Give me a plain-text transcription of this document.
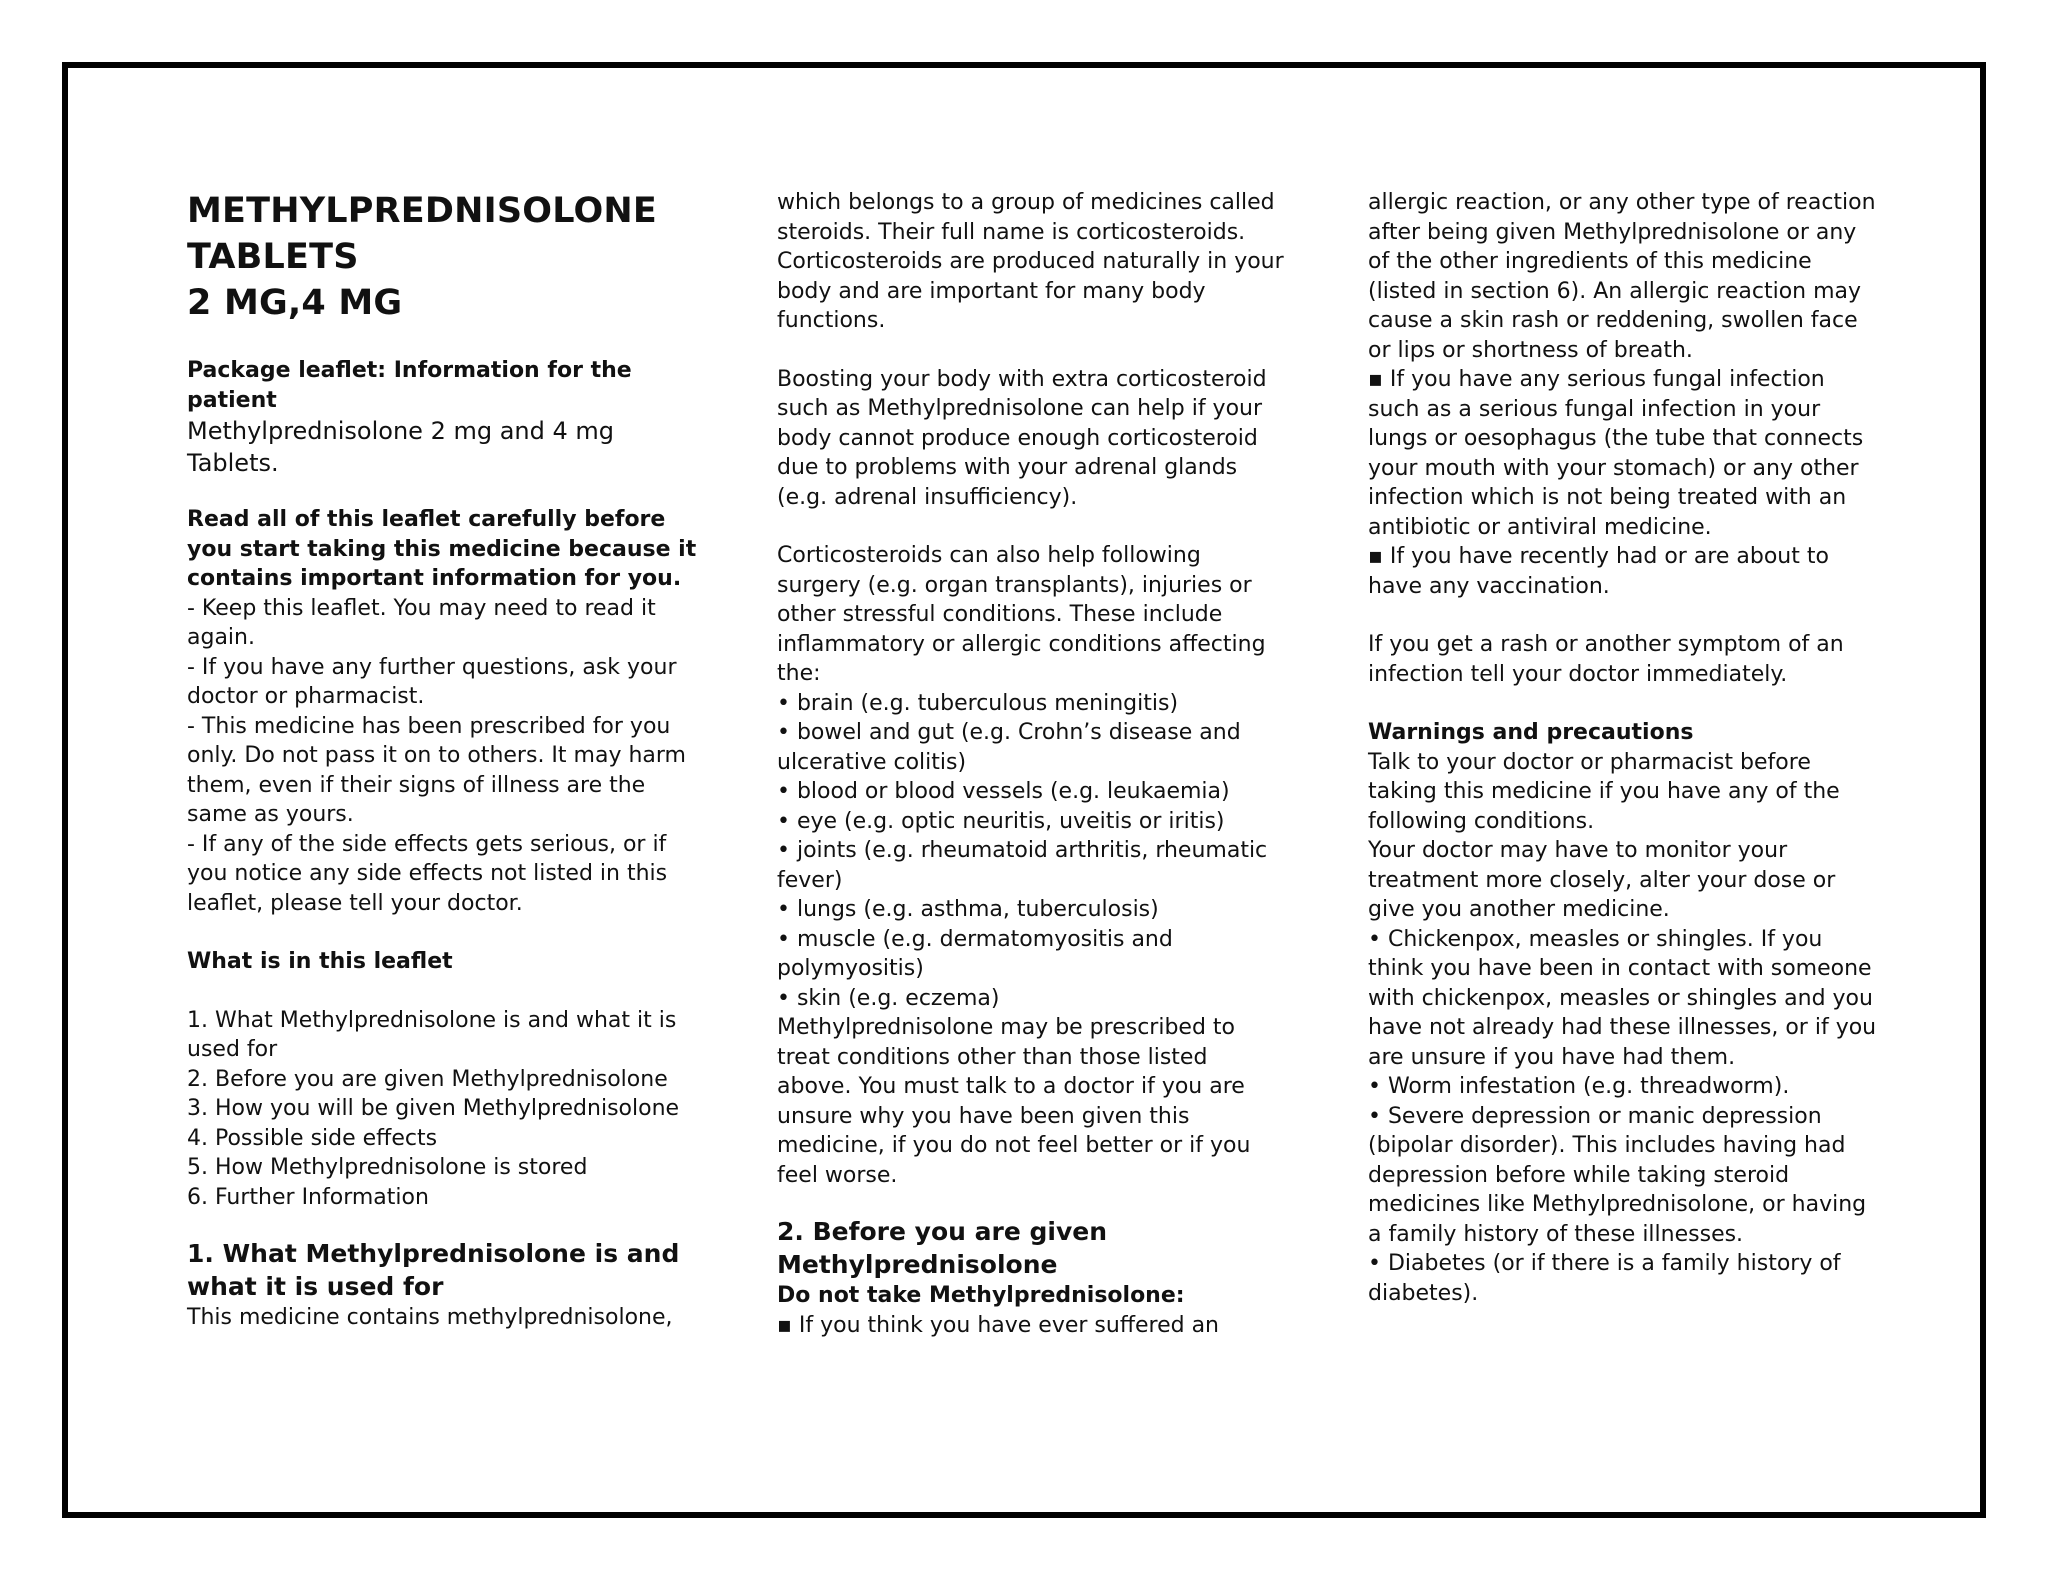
METHYLPREDNISOLONE
TABLETS
2 MG,4 MG

Package leaflet: Information for the patient

Methylprednisolone 2 mg and 4 mg Tablets.

Read all of this leaflet carefully before you start taking this medicine because it contains important information for you.

- Keep this leaflet. You may need to read it again.

- If you have any further questions, ask your doctor or pharmacist.

- This medicine has been prescribed for you only. Do not pass it on to others. It may harm them, even if their signs of illness are the same as yours.

- If any of the side effects gets serious, or if you notice any side effects not listed in this leaflet, please tell your doctor.

What is in this leaflet

1. What Methylprednisolone is and what it is used for
2. Before you are given Methylprednisolone
3. How you will be given Methylprednisolone
4. Possible side effects
5. How Methylprednisolone is stored
6. Further Information

1. What Methylprednisolone is and what it is used for

This medicine contains methylprednisolone,

which belongs to a group of medicines called steroids. Their full name is corticosteroids. Corticosteroids are produced naturally in your body and are important for many body functions.

Boosting your body with extra corticosteroid such as Methylprednisolone can help if your body cannot produce enough corticosteroid due to problems with your adrenal glands (e.g. adrenal insufficiency).

Corticosteroids can also help following surgery (e.g. organ transplants), injuries or other stressful conditions. These include inflammatory or allergic conditions affecting the:

• brain (e.g. tuberculous meningitis)
• bowel and gut (e.g. Crohn’s disease and ulcerative colitis)
• blood or blood vessels (e.g. leukaemia)
• eye (e.g. optic neuritis, uveitis or iritis)
• joints (e.g. rheumatoid arthritis, rheumatic fever)
• lungs (e.g. asthma, tuberculosis)
• muscle (e.g. dermatomyositis and polymyositis)
• skin (e.g. eczema)

Methylprednisolone may be prescribed to treat conditions other than those listed above. You must talk to a doctor if you are unsure why you have been given this medicine, if you do not feel better or if you feel worse.

2. Before you are given Methylprednisolone

Do not take Methylprednisolone:

▪ If you think you have ever suffered an

allergic reaction, or any other type of reaction after being given Methylprednisolone or any of the other ingredients of this medicine (listed in section 6). An allergic reaction may cause a skin rash or reddening, swollen face or lips or shortness of breath.

▪ If you have any serious fungal infection such as a serious fungal infection in your lungs or oesophagus (the tube that connects your mouth with your stomach) or any other infection which is not being treated with an antibiotic or antiviral medicine.

▪ If you have recently had or are about to have any vaccination.

If you get a rash or another symptom of an infection tell your doctor immediately.

Warnings and precautions

Talk to your doctor or pharmacist before taking this medicine if you have any of the following conditions.

Your doctor may have to monitor your treatment more closely, alter your dose or give you another medicine.

• Chickenpox, measles or shingles. If you think you have been in contact with someone with chickenpox, measles or shingles and you have not already had these illnesses, or if you are unsure if you have had them.
• Worm infestation (e.g. threadworm).
• Severe depression or manic depression (bipolar disorder). This includes having had depression before while taking steroid medicines like Methylprednisolone, or having a family history of these illnesses.
• Diabetes (or if there is a family history of diabetes).
